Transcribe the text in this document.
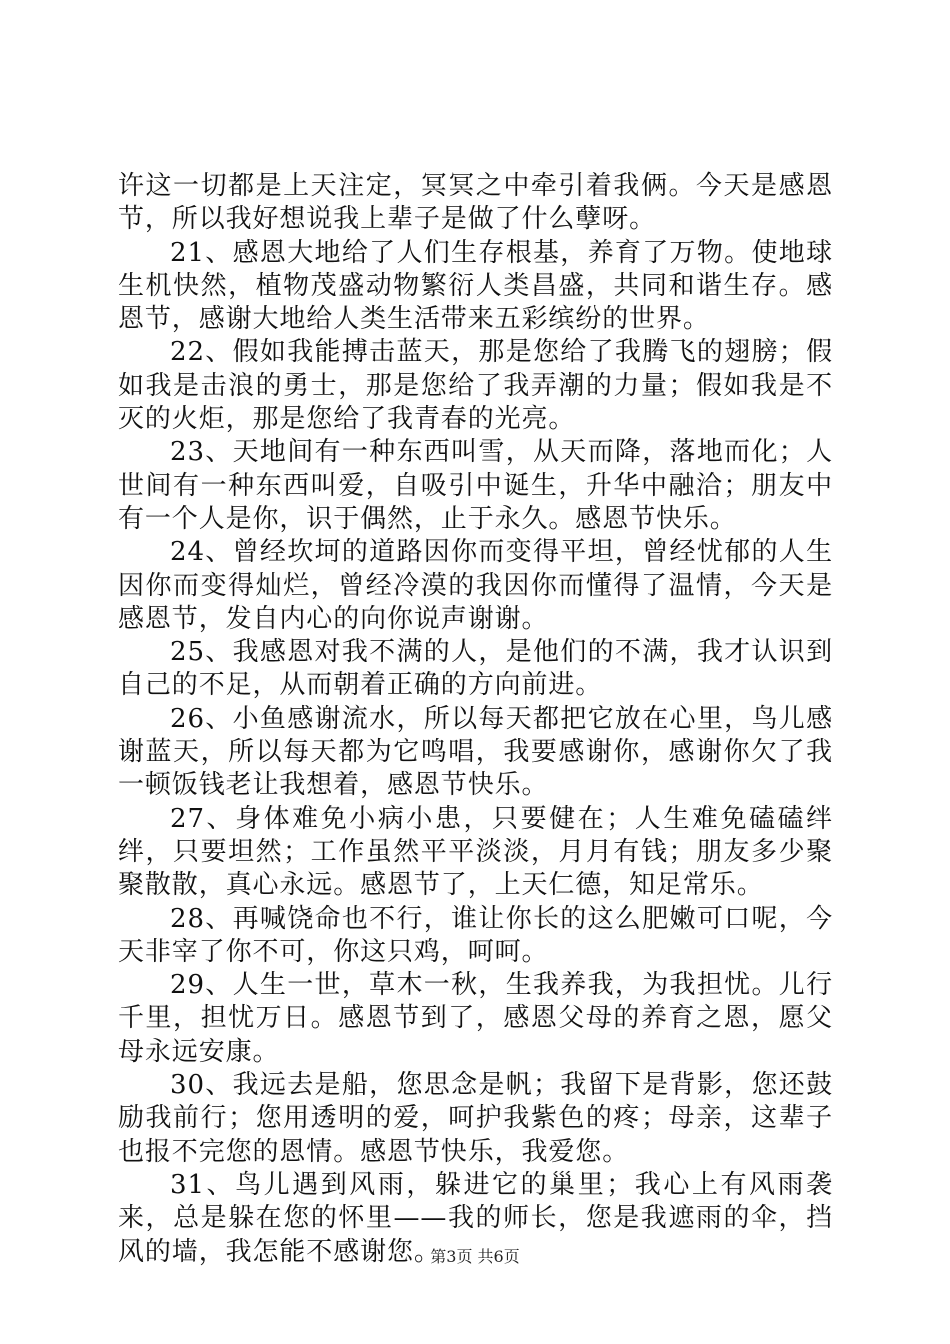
许这一切都是上天注定，冥冥之中牵引着我俩。今天是感恩节，所以我好想说我上辈子是做了什么孽呀。

21、感恩大地给了人们生存根基，养育了万物。使地球生机快然，植物茂盛动物繁衍人类昌盛，共同和谐生存。感恩节，感谢大地给人类生活带来五彩缤纷的世界。

22、假如我能搏击蓝天，那是您给了我腾飞的翅膀；假如我是击浪的勇士，那是您给了我弄潮的力量；假如我是不灭的火炬，那是您给了我青春的光亮。

23、天地间有一种东西叫雪，从天而降，落地而化；人世间有一种东西叫爱，自吸引中诞生，升华中融洽；朋友中有一个人是你，识于偶然，止于永久。感恩节快乐。

24、曾经坎坷的道路因你而变得平坦，曾经忧郁的人生因你而变得灿烂，曾经冷漠的我因你而懂得了温情，今天是感恩节，发自内心的向你说声谢谢。

25、我感恩对我不满的人，是他们的不满，我才认识到自己的不足，从而朝着正确的方向前进。

26、小鱼感谢流水，所以每天都把它放在心里，鸟儿感谢蓝天，所以每天都为它鸣唱，我要感谢你，感谢你欠了我一顿饭钱老让我想着，感恩节快乐。

27、身体难免小病小患，只要健在；人生难免磕磕绊绊，只要坦然；工作虽然平平淡淡，月月有钱；朋友多少聚聚散散，真心永远。感恩节了，上天仁德，知足常乐。

28、再喊饶命也不行，谁让你长的这么肥嫩可口呢，今天非宰了你不可，你这只鸡，呵呵。

29、人生一世，草木一秋，生我养我，为我担忧。儿行千里，担忧万日。感恩节到了，感恩父母的养育之恩，愿父母永远安康。

30、我远去是船，您思念是帆；我留下是背影，您还鼓励我前行；您用透明的爱，呵护我紫色的疼；母亲，这辈子也报不完您的恩情。感恩节快乐，我爱您。

31、鸟儿遇到风雨，躲进它的巢里；我心上有风雨袭来，总是躲在您的怀里——我的师长，您是我遮雨的伞，挡风的墙，我怎能不感谢您。

第3页 共6页
